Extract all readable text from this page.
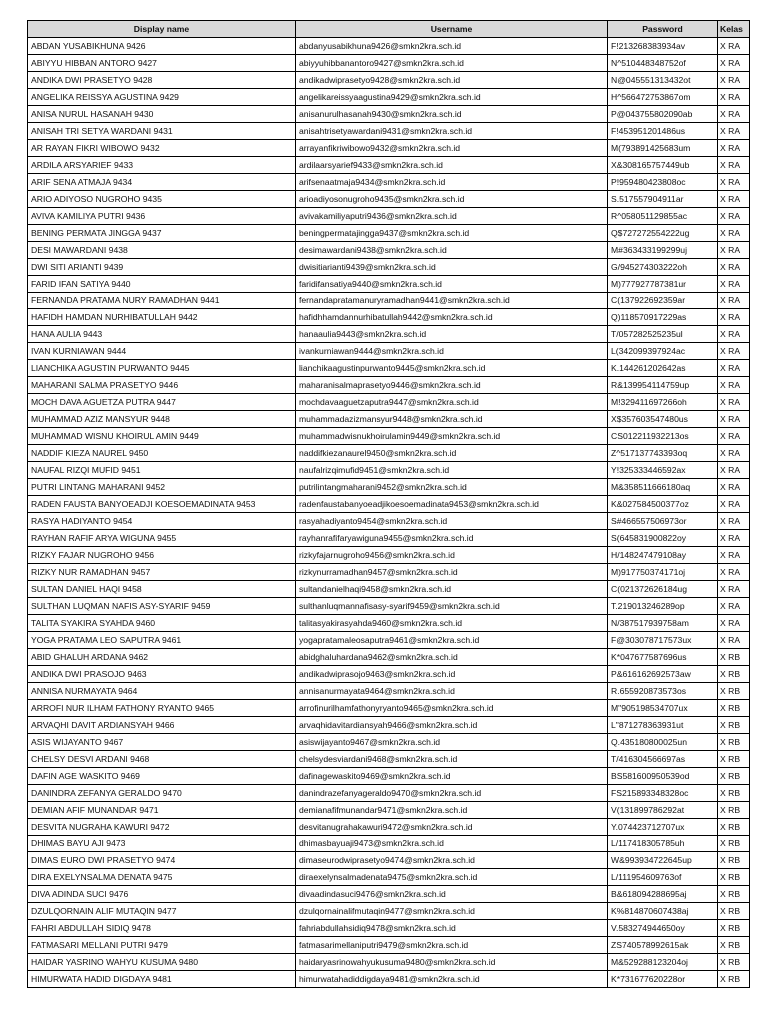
Display name	Username	Password	Kelas
ABDAN YUSABIKHUNA 9426	abdanyusabikhuna9426@smkn2kra.sch.id	F!213268383934av	X RA
ABIYYU HIBBAN ANTORO 9427	abiyyuhibbanantoro9427@smkn2kra.sch.id	N^510448348752of	X RA
ANDIKA DWI PRASETYO 9428	andikadwiprasetyo9428@smkn2kra.sch.id	N@045551313432ot	X RA
ANGELIKA REISSYA AGUSTINA 9429	angelikareissyaagustina9429@smkn2kra.sch.id	H^566472753867om	X RA
ANISA NURUL HASANAH 9430	anisanurulhasanah9430@smkn2kra.sch.id	P@043755802090ab	X RA
ANISAH TRI SETYA WARDANI 9431	anisahtrisetyawardani9431@smkn2kra.sch.id	F!453951201486us	X RA
AR RAYAN FIKRI WIBOWO 9432	arrayanfikriwibowo9432@smkn2kra.sch.id	M(793891425683um	X RA
ARDILA ARSYARIEF 9433	ardilaarsyarief9433@smkn2kra.sch.id	X&308165757449ub	X RA
ARIF SENA ATMAJA 9434	arifsenaatmaja9434@smkn2kra.sch.id	P!959480423808oc	X RA
ARIO ADIYOSO NUGROHO 9435	arioadiyosonugroho9435@smkn2kra.sch.id	S.517557904911ar	X RA
AVIVA KAMILIYA PUTRI 9436	avivakamiliyaputri9436@smkn2kra.sch.id	R^058051129855ac	X RA
BENING PERMATA JINGGA 9437	beningpermatajingga9437@smkn2kra.sch.id	Q$727272554222ug	X RA
DESI MAWARDANI 9438	desimawardani9438@smkn2kra.sch.id	M#363433199299uj	X RA
DWI SITI ARIANTI 9439	dwisitiarianti9439@smkn2kra.sch.id	G/945274303222oh	X RA
FARID IFAN SATIYA 9440	faridifansatiya9440@smkn2kra.sch.id	M)777927787381ur	X RA
FERNANDA PRATAMA NURY RAMADHAN 9441	fernandapratamanuryramadhan9441@smkn2kra.sch.id	C(137922692359ar	X RA
HAFIDH HAMDAN NURHIBATULLAH 9442	hafidhhamdannurhibatullah9442@smkn2kra.sch.id	Q)118570917229as	X RA
HANA AULIA 9443	hanaaulia9443@smkn2kra.sch.id	T/057282525235ul	X RA
IVAN KURNIAWAN 9444	ivankurniawan9444@smkn2kra.sch.id	L(342099397924ac	X RA
LIANCHIKA AGUSTIN PURWANTO 9445	lianchikaagustinpurwanto9445@smkn2kra.sch.id	K.144261202642as	X RA
MAHARANI SALMA PRASETYO 9446	maharanisalmaprasetyo9446@smkn2kra.sch.id	R&139954114759up	X RA
MOCH DAVA AGUETZA PUTRA 9447	mochdavaaguetzaputra9447@smkn2kra.sch.id	M!329411697266oh	X RA
MUHAMMAD AZIZ MANSYUR 9448	muhammadazizmansyur9448@smkn2kra.sch.id	X$357603547480us	X RA
MUHAMMAD WISNU KHOIRUL AMIN 9449	muhammadwisnukhoirulamin9449@smkn2kra.sch.id	CS012211932213os	X RA
NADDIF KIEZA NAUREL 9450	naddifkiezanaurel9450@smkn2kra.sch.id	Z^517137743393oq	X RA
NAUFAL RIZQI MUFID 9451	naufalrizqimufid9451@smkn2kra.sch.id	Y!325333446592ax	X RA
PUTRI LINTANG MAHARANI 9452	putrilintangmaharani9452@smkn2kra.sch.id	M&358511666180aq	X RA
RADEN FAUSTA BANYOEADJI KOESOEMADINATA 9453	radenfaustabanyoeadjikoesoemadinata9453@smkn2kra.sch.id	K&027584500377oz	X RA
RASYA HADIYANTO 9454	rasyahadiyanto9454@smkn2kra.sch.id	S#466557506973or	X RA
RAYHAN RAFIF ARYA WIGUNA 9455	rayhanrafifaryawiguna9455@smkn2kra.sch.id	S(645831900822oy	X RA
RIZKY FAJAR NUGROHO 9456	rizkyfajarnugroho9456@smkn2kra.sch.id	H/148247479108ay	X RA
RIZKY NUR RAMADHAN 9457	rizkynurramadhan9457@smkn2kra.sch.id	M)917750374171oj	X RA
SULTAN DANIEL HAQI 9458	sultandanielhaqi9458@smkn2kra.sch.id	C(021372626184ug	X RA
SULTHAN LUQMAN NAFIS ASY-SYARIF 9459	sulthanluqmannafisasy-syarif9459@smkn2kra.sch.id	T.219013246289op	X RA
TALITA SYAKIRA SYAHDA 9460	talitasyakirasyahda9460@smkn2kra.sch.id	N/387517939758am	X RA
YOGA PRATAMA LEO SAPUTRA 9461	yogapratamaleosaputra9461@smkn2kra.sch.id	F@303078717573ux	X RA
ABID GHALUH ARDANA 9462	abidghaluhardana9462@smkn2kra.sch.id	K*047677587696us	X RB
ANDIKA DWI PRASOJO 9463	andikadwiprasojo9463@smkn2kra.sch.id	P&616162692573aw	X RB
ANNISA NURMAYATA 9464	annisanurmayata9464@smkn2kra.sch.id	R.655920873573os	X RB
ARROFI NUR ILHAM FATHONY RYANTO 9465	arrofinurilhamfathonyryanto9465@smkn2kra.sch.id	M"905198534707ux	X RB
ARVAQHI DAVIT ARDIANSYAH 9466	arvaqhidavitardiansyah9466@smkn2kra.sch.id	L"871278363931ut	X RB
ASIS WIJAYANTO 9467	asiswijayanto9467@smkn2kra.sch.id	Q.435180800025un	X RB
CHELSY DESVI ARDANI 9468	chelsydesviardani9468@smkn2kra.sch.id	T/416304566697as	X RB
DAFIN AGE WASKITO 9469	dafinagewaskito9469@smkn2kra.sch.id	BS581600950539od	X RB
DANINDRA ZEFANYA GERALDO 9470	danindrazefanyageraldo9470@smkn2kra.sch.id	FS215893348328oc	X RB
DEMIAN AFIF MUNANDAR 9471	demianafifmunandar9471@smkn2kra.sch.id	V(131899786292at	X RB
DESVITA NUGRAHA KAWURI 9472	desvitanugrahakawuri9472@smkn2kra.sch.id	Y.074423712707ux	X RB
DHIMAS BAYU AJI 9473	dhimasbayuaji9473@smkn2kra.sch.id	L/117418305785uh	X RB
DIMAS EURO DWI PRASETYO 9474	dimaseurodwiprasetyo9474@smkn2kra.sch.id	W&993934722645up	X RB
DIRA EXELYNSALMA DENATA 9475	diraexelynsalmadenata9475@smkn2kra.sch.id	L/111954609763of	X RB
DIVA ADINDA SUCI 9476	divaadindasuci9476@smkn2kra.sch.id	B&618094288695aj	X RB
DZULQORNAIN ALIF MUTAQIN 9477	dzulqornainalifmutaqin9477@smkn2kra.sch.id	K%814870607438aj	X RB
FAHRI ABDULLAH SIDIQ 9478	fahriabdullahsidiq9478@smkn2kra.sch.id	V.583274944650oy	X RB
FATMASARI MELLANI PUTRI 9479	fatmasarimellaniputri9479@smkn2kra.sch.id	ZS740578992615ak	X RB
HAIDAR YASRINO WAHYU KUSUMA 9480	haidaryasrinowahyukusuma9480@smkn2kra.sch.id	M&529288123204oj	X RB
HIMURWATA HADID DIGDAYA 9481	himurwatahadiddigdaya9481@smkn2kra.sch.id	K*731677620228or	X RB
